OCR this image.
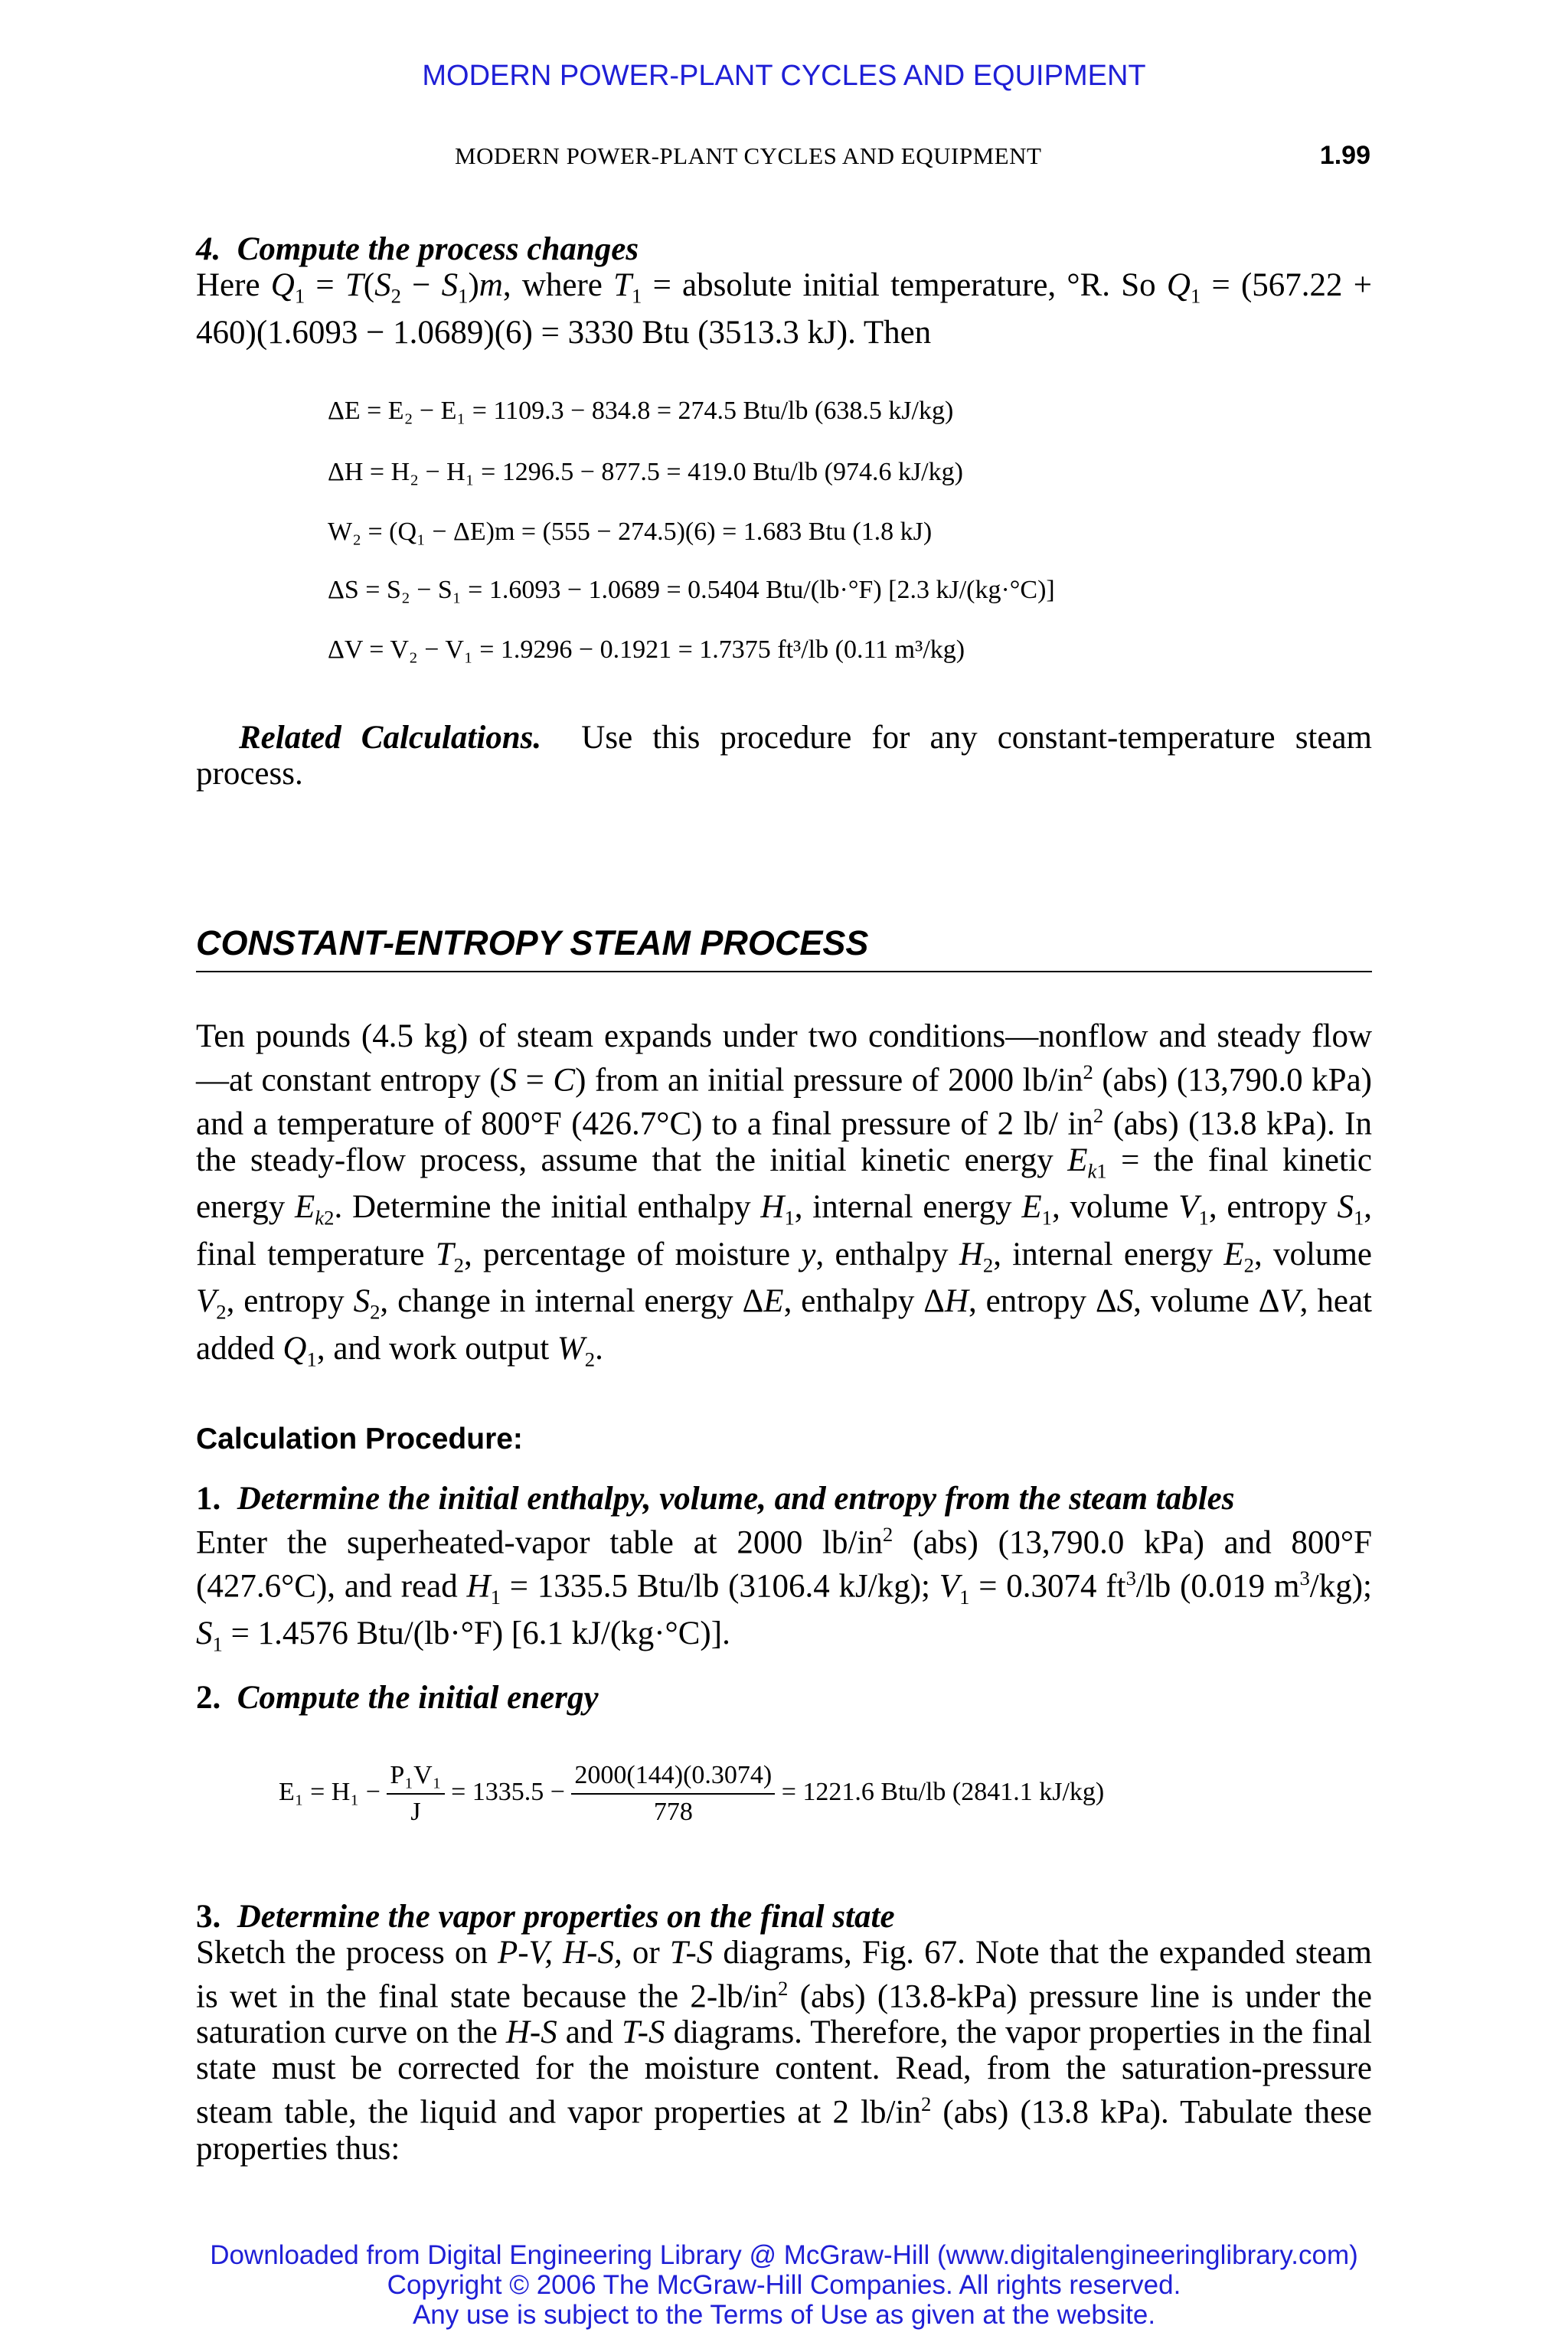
MODERN POWER-PLANT CYCLES AND EQUIPMENT
MODERN POWER-PLANT CYCLES AND EQUIPMENT	1.99

4. Compute the process changes

Here $Q_1 = T(S_2 - S_1)m$, where $T_1$ = absolute initial temperature, °R. So $Q_1 = (567.22 + 460)(1.6093 - 1.0689)(6) = 3330$ Btu (3513.3 kJ). Then

ΔE = E₂ − E₁ = 1109.3 − 834.8 = 274.5 Btu/lb (638.5 kJ/kg)
ΔH = H₂ − H₁ = 1296.5 − 877.5 = 419.0 Btu/lb (974.6 kJ/kg)
W₂ = (Q₁ − ΔE)m = (555 − 274.5)(6) = 1.683 Btu (1.8 kJ)
ΔS = S₂ − S₁ = 1.6093 − 1.0689 = 0.5404 Btu/(lb·°F) [2.3 kJ/(kg·°C)]
ΔV = V₂ − V₁ = 1.9296 − 0.1921 = 1.7375 ft³/lb (0.11 m³/kg)
Related Calculations. Use this procedure for any constant-temperature steam process.
CONSTANT-ENTROPY STEAM PROCESS
Ten pounds (4.5 kg) of steam expands under two conditions—nonflow and steady flow—at constant entropy (S = C) from an initial pressure of 2000 $lb/in^2$ (abs) (13,790.0 kPa) and a temperature of 800°F (426.7°C) to a final pressure of 2 lb/ $in^2$ (abs) (13.8 kPa). In the steady-flow process, assume that the initial kinetic energy $E_{k1}$ = the final kinetic energy $E_{k2}$. Determine the initial enthalpy $H_1$, internal energy $E_1$, volume $V_1$, entropy $S_1$, final temperature $T_2$, percentage of moisture y, enthalpy $H_2$, internal energy $E_2$, volume $V_2$, entropy $S_2$, change in internal energy ΔE, enthalpy ΔH, entropy ΔS, volume ΔV, heat added $Q_1$, and work output $W_2$.
Calculation Procedure:

1. Determine the initial enthalpy, volume, and entropy from the steam tables

Enter the superheated-vapor table at 2000 $lb/in^2$ (abs) (13,790.0 kPa) and 800°F (427.6°C), and read $H_1 = 1335.5$ Btu/lb (3106.4 kJ/kg); $V_1 = 0.3074$ $ft^3/lb$ (0.019 $m^3/kg$); $S_1 = 1.4576$ Btu/(lb·°F) [6.1 kJ/(kg·°C)].

2. Compute the initial energy

$E_1 = H_1 - \frac{\text{P₁V₁}}{J} = 1335.5 - \frac{2000(144)(0.3074)}{778} = 1221.6$ Btu/lb (2841.1 kJ/kg)

3. Determine the vapor properties on the final state

Sketch the process on P-V, H-S, or T-S diagrams, Fig. 67. Note that the expanded steam is wet in the final state because the $2-lb/in^2$ (abs) (13.8-kPa) pressure line is under the saturation curve on the H-S and T-S diagrams. Therefore, the vapor properties in the final state must be corrected for the moisture content. Read, from the saturation-pressure steam table, the liquid and vapor properties at 2 $lb/in^2$ (abs) (13.8 kPa). Tabulate these properties thus:

Downloaded from Digital Engineering Library @ McGraw-Hill (www.digitalengineeringlibrary.com)
Copyright © 2006 The McGraw-Hill Companies. All rights reserved.
Any use is subject to the Terms of Use as given at the website.
